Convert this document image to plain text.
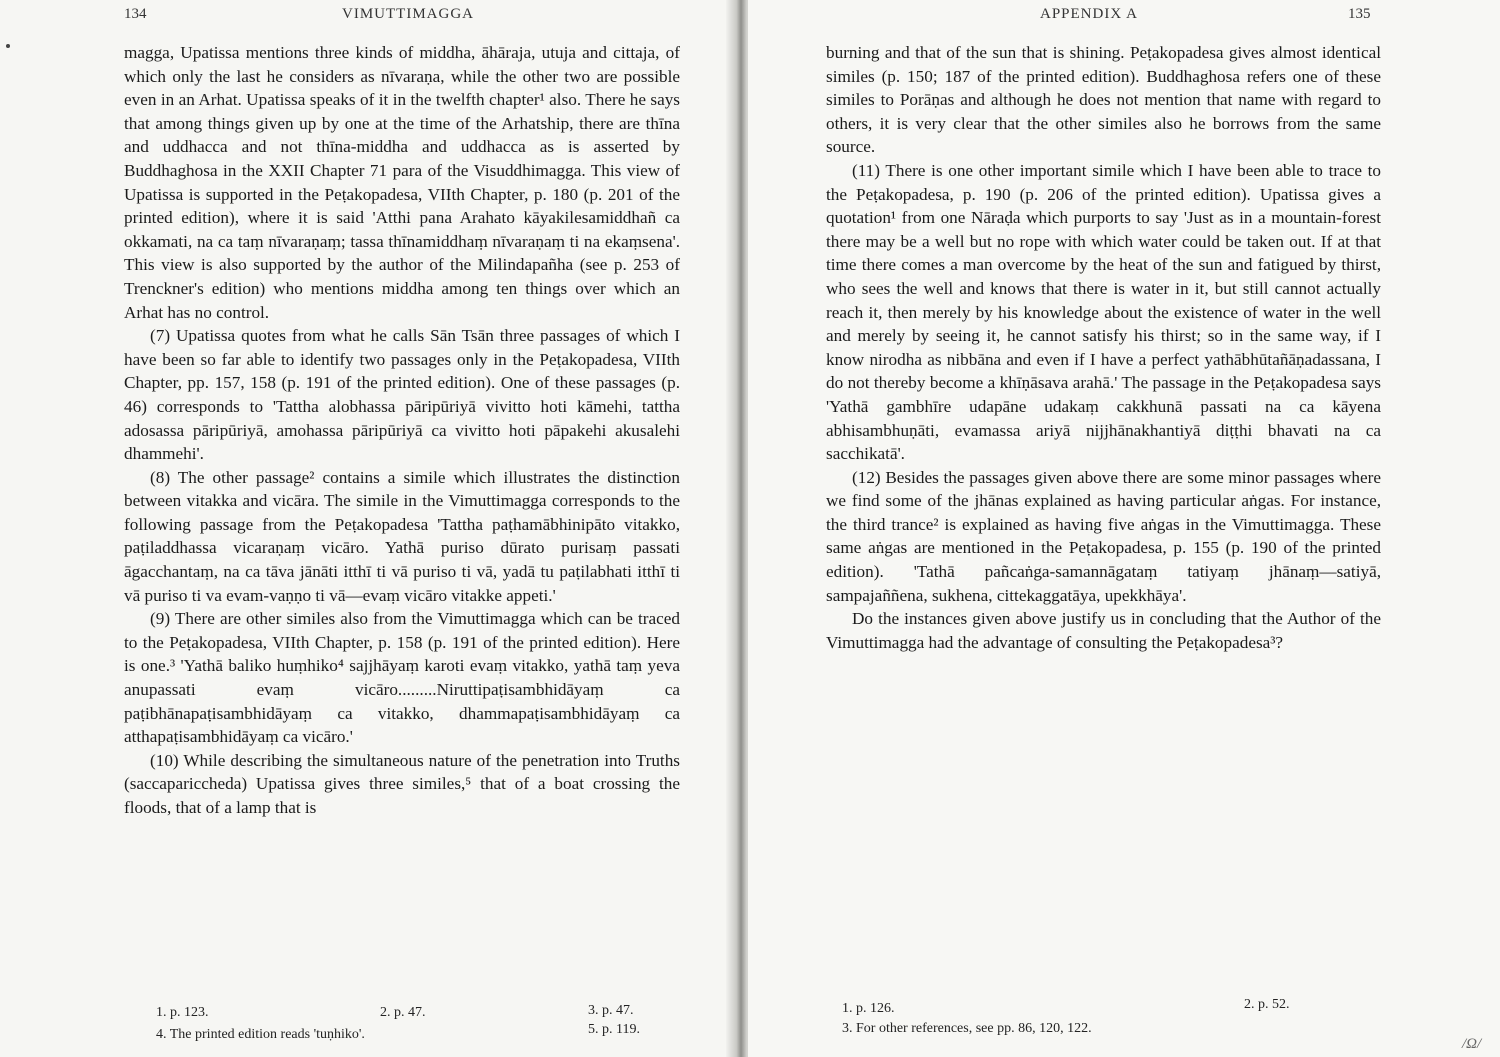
134	VIMUTTIMAGGA

magga, Upatissa mentions three kinds of middha, āhāraja, utuja and cittaja, of which only the last he considers as nīvaraṇa, while the other two are possible even in an Arhat. Upatissa speaks of it in the twelfth chapter¹ also. There he says that among things given up by one at the time of the Arhatship, there are thīna and uddhacca and not thīna-middha and uddhacca as is asserted by Buddhaghosa in the XXII Chapter 71 para of the Visuddhimagga. This view of Upatissa is supported in the Peṭakopadesa, VIIth Chapter, p. 180 (p. 201 of the printed edition), where it is said 'Atthi pana Arahato kāyakilesamiddhañ ca okkamati, na ca taṃ nīvaraṇaṃ; tassa thīnamiddhaṃ nīvaraṇaṃ ti na ekaṃsena'. This view is also supported by the author of the Milindapañha (see p. 253 of Trenckner's edition) who mentions middha among ten things over which an Arhat has no control.

(7) Upatissa quotes from what he calls Sān Tsān three passages of which I have been so far able to identify two passages only in the Peṭakopadesa, VIIth Chapter, pp. 157, 158 (p. 191 of the printed edition). One of these passages (p. 46) corresponds to 'Tattha alobhassa pāripūriyā vivitto hoti kāmehi, tattha adosassa pāripūriyā, amohassa pāripūriyā ca vivitto hoti pāpakehi akusalehi dhammehi'.

(8) The other passage² contains a simile which illustrates the distinction between vitakka and vicāra. The simile in the Vimuttimagga corresponds to the following passage from the Peṭakopadesa 'Tattha paṭhamābhinipāto vitakko, paṭiladdhassa vicaraṇaṃ vicāro. Yathā puriso dūrato purisaṃ passati āgacchantaṃ, na ca tāva jānāti itthī ti vā puriso ti vā, yadā tu paṭilabhati itthī ti vā puriso ti va evam-vaṇṇo ti vā—evaṃ vicāro vitakke appeti.'

(9) There are other similes also from the Vimuttimagga which can be traced to the Peṭakopadesa, VIIth Chapter, p. 158 (p. 191 of the printed edition). Here is one.³ 'Yathā baliko huṃhiko⁴ sajjhāyaṃ karoti evaṃ vitakko, yathā taṃ yeva anupassati evaṃ vicāro.........Niruttipaṭisambhidāyaṃ ca paṭibhānapaṭisambhidāyaṃ ca vitakko, dhammapaṭisambhidāyaṃ ca atthapaṭisambhidāyaṃ ca vicāro.'

(10) While describing the simultaneous nature of the penetration into Truths (saccapariccheda) Upatissa gives three similes,⁵ that of a boat crossing the floods, that of a lamp that is

1. p. 123.	2. p. 47.	3. p. 47.
4. The printed edition reads 'tuṇhiko'.	5. p. 119.
APPENDIX A	135

burning and that of the sun that is shining. Peṭakopadesa gives almost identical similes (p. 150; 187 of the printed edition). Buddhaghosa refers one of these similes to Porāṇas and although he does not mention that name with regard to others, it is very clear that the other similes also he borrows from the same source.

(11) There is one other important simile which I have been able to trace to the Peṭakopadesa, p. 190 (p. 206 of the printed edition). Upatissa gives a quotation¹ from one Nāraḍa which purports to say 'Just as in a mountain-forest there may be a well but no rope with which water could be taken out. If at that time there comes a man overcome by the heat of the sun and fatigued by thirst, who sees the well and knows that there is water in it, but still cannot actually reach it, then merely by his knowledge about the existence of water in the well and merely by seeing it, he cannot satisfy his thirst; so in the same way, if I know nirodha as nibbāna and even if I have a perfect yathābhūtañāṇadassana, I do not thereby become a khīṇāsava arahā.' The passage in the Peṭakopadesa says 'Yathā gambhīre udapāne udakaṃ cakkhunā passati na ca kāyena abhisambhuṇāti, evamassa ariyā nijjhānakhantiyā diṭṭhi bhavati na ca sacchikatā'.

(12) Besides the passages given above there are some minor passages where we find some of the jhānas explained as having particular aṅgas. For instance, the third trance² is explained as having five aṅgas in the Vimuttimagga. These same aṅgas are mentioned in the Peṭakopadesa, p. 155 (p. 190 of the printed edition). 'Tathā pañcaṅga-samannāgataṃ tatiyaṃ jhānaṃ—satiyā, sampajaññena, sukhena, cittekaggatāya, upekkhāya'.

Do the instances given above justify us in concluding that the Author of the Vimuttimagga had the advantage of consulting the Peṭakopadesa³?

1. p. 126.	2. p. 52.
3. For other references, see pp. 86, 120, 122.
/Ω/
